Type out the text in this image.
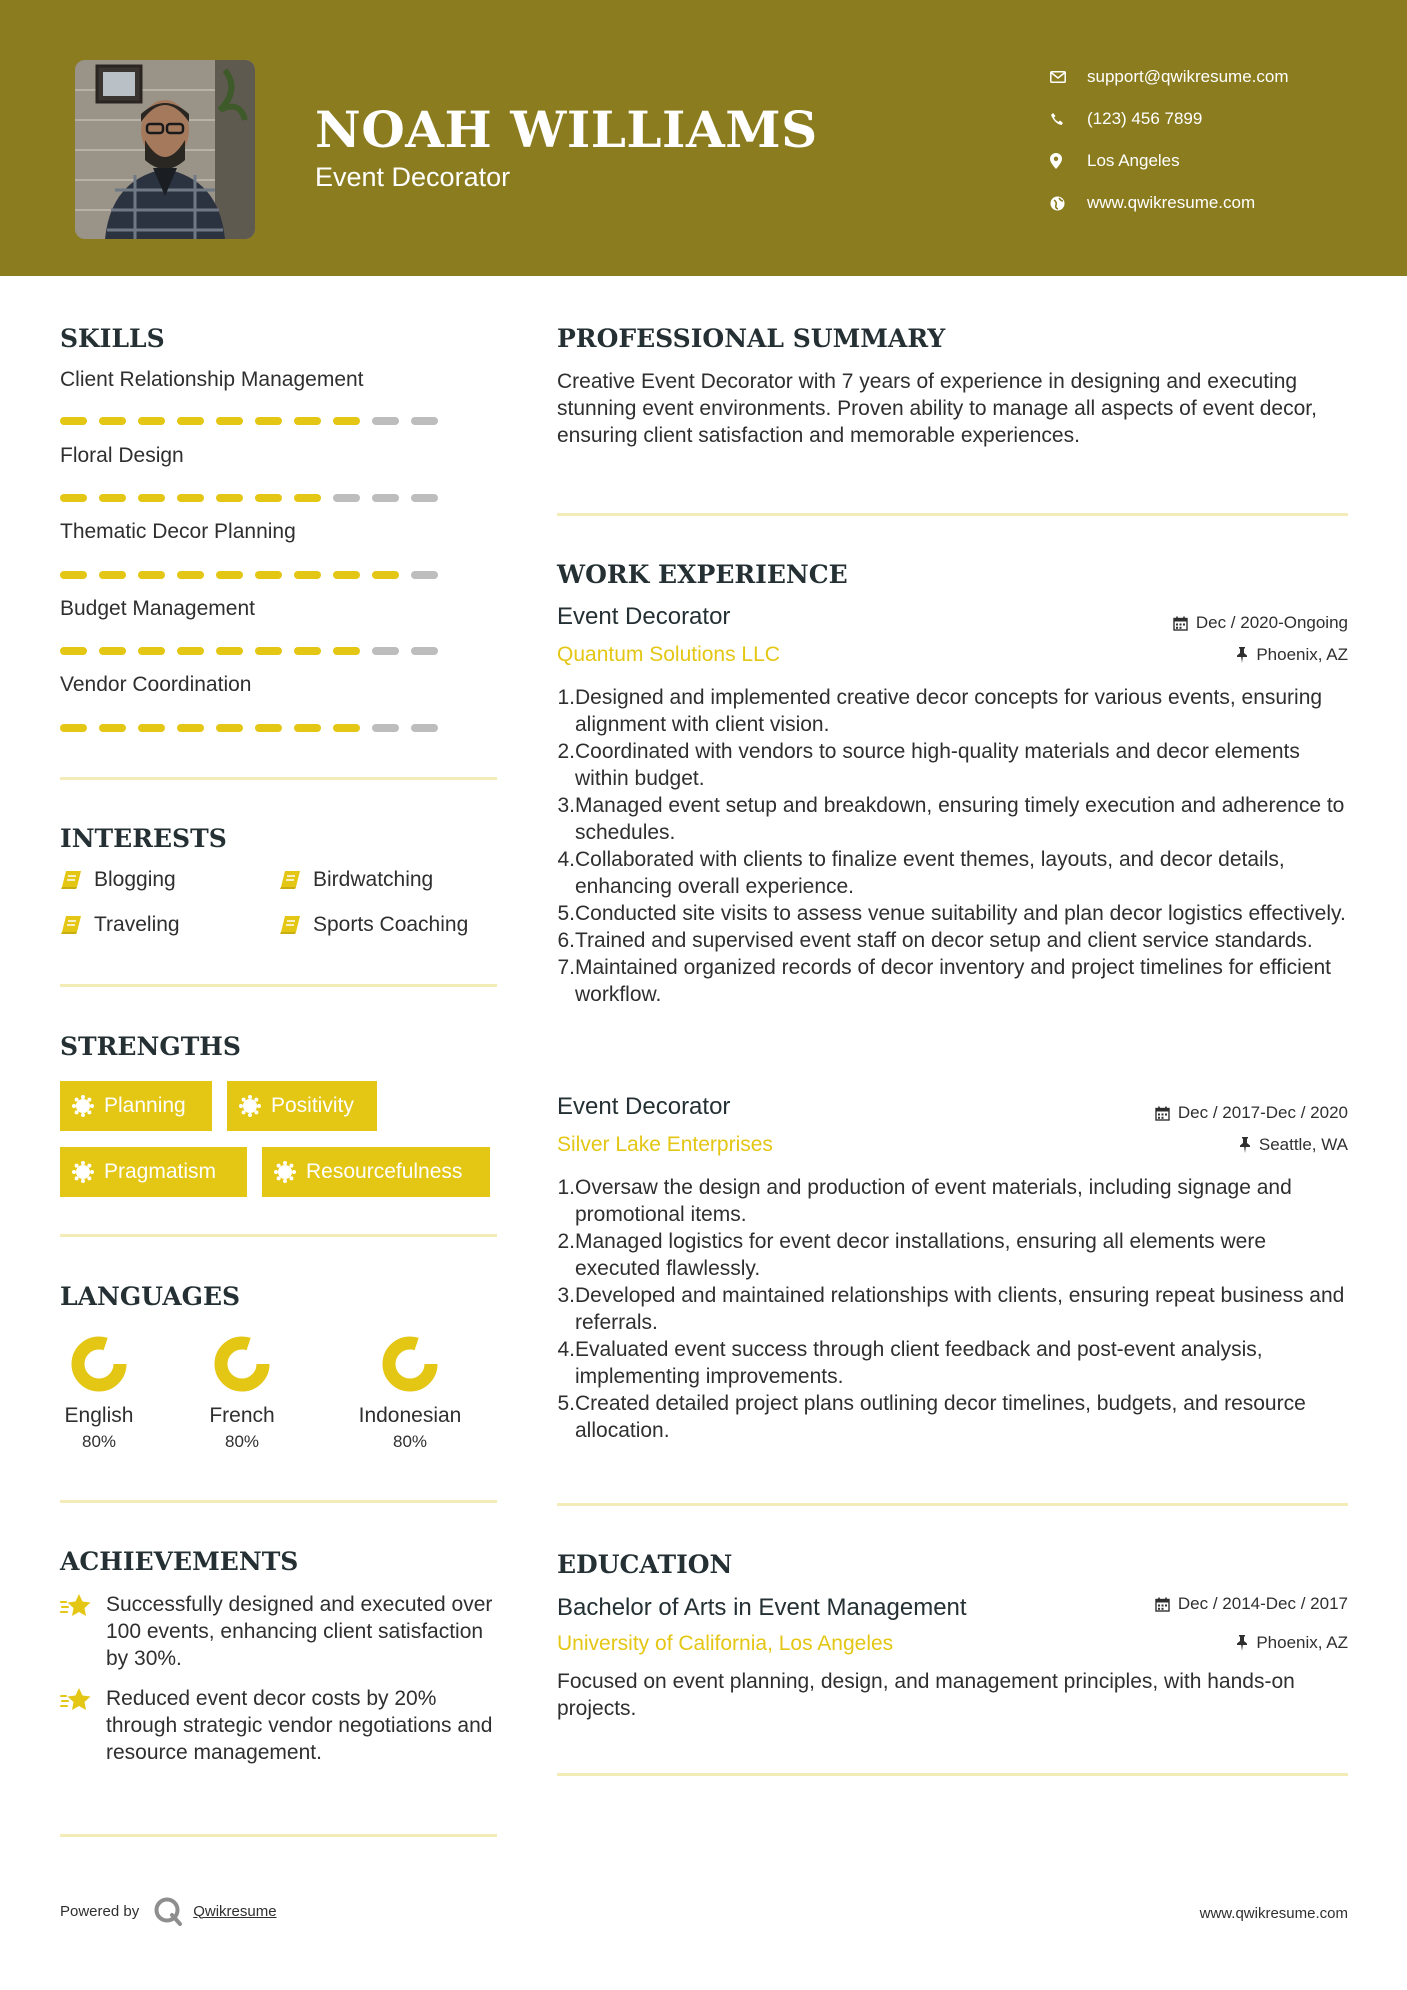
NOAH WILLIAMS
Event Decorator
support@qwikresume.com
(123) 456 7899
Los Angeles
www.qwikresume.com
SKILLS
Client Relationship Management
Floral Design
Thematic Decor Planning
Budget Management
Vendor Coordination
INTERESTS
Blogging	Birdwatching
Traveling	Sports Coaching
STRENGTHS
Planning	Positivity
Pragmatism	Resourcefulness
LANGUAGES
English
80%
French
80%
Indonesian
80%
ACHIEVEMENTS
Successfully designed and executed over 100 events, enhancing client satisfaction by 30%.
Reduced event decor costs by 20% through strategic vendor negotiations and resource management.
PROFESSIONAL SUMMARY
Creative Event Decorator with 7 years of experience in designing and executing stunning event environments. Proven ability to manage all aspects of event decor, ensuring client satisfaction and memorable experiences.
WORK EXPERIENCE
Event Decorator	Dec / 2020-Ongoing
Quantum Solutions LLC	Phoenix, AZ
1. Designed and implemented creative decor concepts for various events, ensuring alignment with client vision.
2. Coordinated with vendors to source high-quality materials and decor elements within budget.
3. Managed event setup and breakdown, ensuring timely execution and adherence to schedules.
4. Collaborated with clients to finalize event themes, layouts, and decor details, enhancing overall experience.
5. Conducted site visits to assess venue suitability and plan decor logistics effectively.
6. Trained and supervised event staff on decor setup and client service standards.
7. Maintained organized records of decor inventory and project timelines for efficient workflow.
Event Decorator	Dec / 2017-Dec / 2020
Silver Lake Enterprises	Seattle, WA
1. Oversaw the design and production of event materials, including signage and promotional items.
2. Managed logistics for event decor installations, ensuring all elements were executed flawlessly.
3. Developed and maintained relationships with clients, ensuring repeat business and referrals.
4. Evaluated event success through client feedback and post-event analysis, implementing improvements.
5. Created detailed project plans outlining decor timelines, budgets, and resource allocation.
EDUCATION
Bachelor of Arts in Event Management	Dec / 2014-Dec / 2017
University of California, Los Angeles	Phoenix, AZ
Focused on event planning, design, and management principles, with hands-on projects.
Powered by	Qwikresume	www.qwikresume.com
